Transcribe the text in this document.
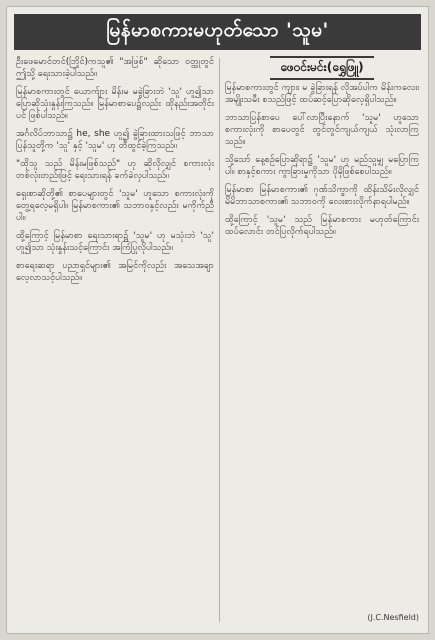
မြန်မာစကားမဟုတ်သော 'သူမ'

ဦးဖေမောင်တင်(ဘြိုင်)ကသူ၏ "အဖြစ်" ဆိုသော ဝတ္ထုတွင် ဤသို့ ရေးသားခဲ့ပါသည်။

မြန်မာစကားတွင် ယောက်ျား မိန်းမ မခွဲခြားဘဲ 'သူ' ဟူ၍သာ ပြောဆိုသုံးနှုန်းကြသည်။ မြန်မာစာပေ၌လည်း ထိုနည်းအတိုင်းပင် ဖြစ်ပါသည်။

အင်္ဂလိပ်ဘာသာ၌ he, she ဟူ၍ ခွဲခြားထားသဖြင့် ဘာသာပြန်သူတို့က 'သူ' နှင့် 'သူမ' ဟု တီထွင်ခဲ့ကြသည်။

"ထိုသူ သည် မိန်းမဖြစ်သည်" ဟု ဆိုလိုလျှင် စကားလုံးတစ်လုံးတည်းဖြင့် ရေးသားရန် ခက်ခဲလှပါသည်။

ရှေးစာဆိုတို့၏ စာပေများတွင် 'သူမ' ဟူသော စကားလုံးကို တွေ့ရလေ့မရှိပါ။ မြန်မာစကား၏ သဘာဝနှင့်လည်း မကိုက်ညီပါ။

ထို့ကြောင့် မြန်မာစာ ရေးသားရာ၌ 'သူမ' ဟု မသုံးဘဲ 'သူ' ဟူ၍သာ သုံးနှုန်းသင့်ကြောင်း အကြံပြုလိုပါသည်။

စာရေးဆရာ ပညာရှင်များ၏ အမြင်ကိုလည်း အသေအချာ လေ့လာသင့်ပါသည်။

ဖေဝင်းမင်း(ရွှေဖြူ)

မြန်မာစကားတွင် ကျား၊ မ ခွဲခြားရန် လိုအပ်ပါက မိန်းကလေး၊ အမျိုးသမီး စသည်ဖြင့် ထပ်ဆင့်ပြောဆိုလေ့ရှိပါသည်။

ဘာသာပြန်စာပေ ပေါ်လာပြီးနောက် 'သူမ' ဟူသော စကားလုံးကို စာပေတွင် တွင်တွင်ကျယ်ကျယ် သုံးလာကြသည်။

သို့သော် နေ့စဉ်ပြောဆိုရာ၌ 'သူမ' ဟု မည်သူမျှ မပြောကြပါ။ စာနှင့်စကား ကွာခြားမှုကိုသာ ပိုမိုဖြစ်စေပါသည်။

မြန်မာစာ မြန်မာစကား၏ ဂုဏ်သိက္ခာကို ထိန်းသိမ်းလိုလျှင် မိမိဘာသာစကား၏ သဘာဝကို လေးစားလိုက်နာရပါမည်။

ထို့ကြောင့် 'သူမ' သည် မြန်မာစကား မဟုတ်ကြောင်း ထပ်လောင်း တင်ပြလိုက်ရပါသည်။

(J.C.Nesfield)
